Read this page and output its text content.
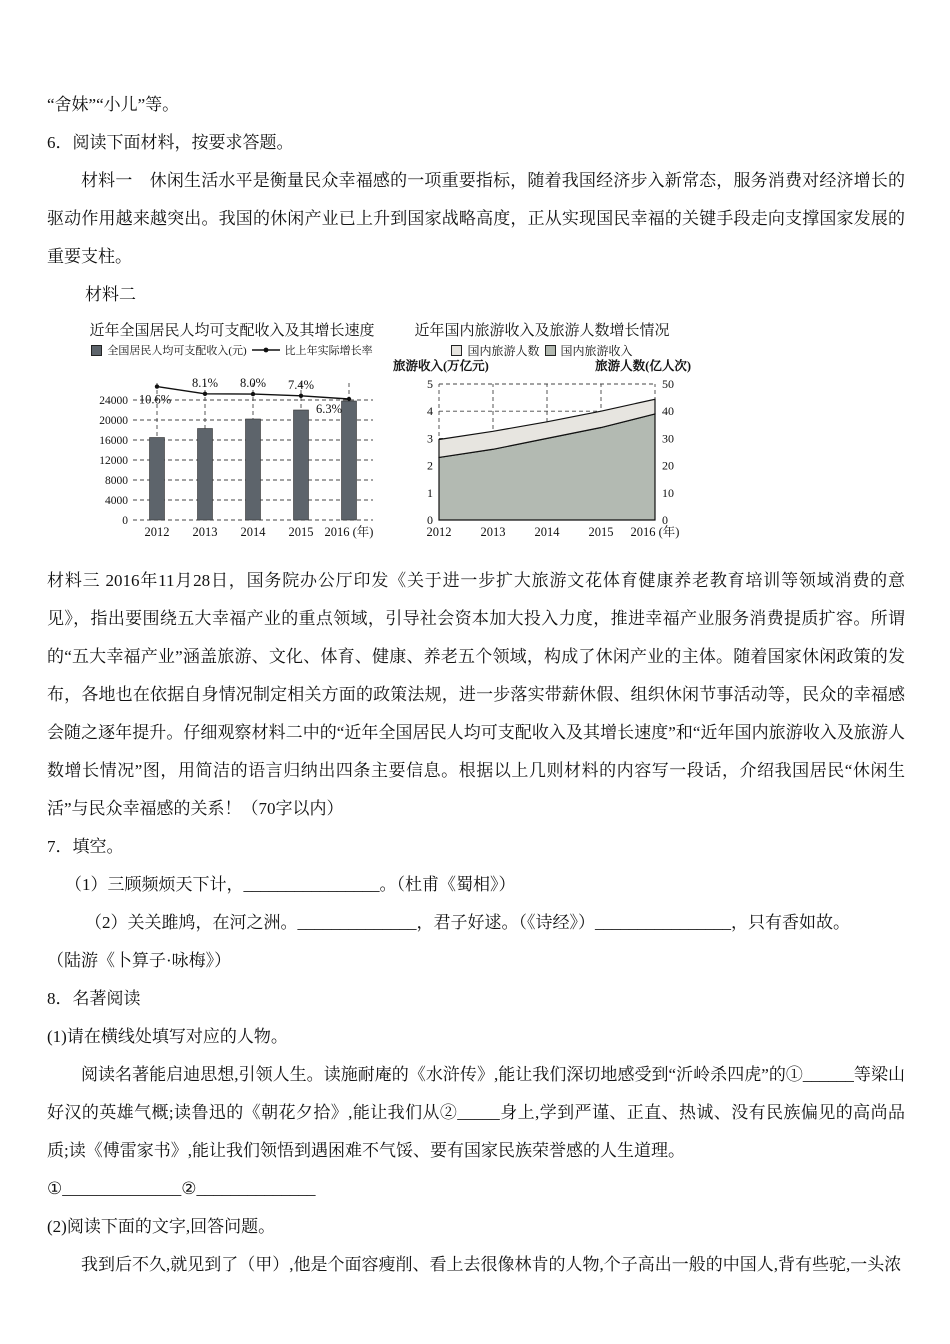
“舍妹”“小儿”等。

6．阅读下面材料，按要求答题。

材料一　休闲生活水平是衡量民众幸福感的一项重要指标，随着我国经济步入新常态，服务消费对经济增长的驱动作用越来越突出。我国的休闲产业已上升到国家战略高度，正从实现国民幸福的关键手段走向支撑国家发展的重要支柱。

材料二

近年全国居民人均可支配收入及其增长速度
全国居民人均可支配收入(元)	比上年实际增长率
0
4000
8000
12000
16000
20000
24000
2012 2013 2014 2015 2016 (年)
10.6%
8.1% 8.0% 7.4%
6.3%
近年国内旅游收入及旅游人数增长情况
国内旅游人数 国内旅游收入
旅游收入(万亿元)	旅游人数(亿人次)
0	0
1	10
2	20
3	30
4	40
5	50
2012 2013 2014 2015 2016 (年)

材料三 2016年11月28日，国务院办公厅印发《关于进一步扩大旅游文花体育健康养老教育培训等领域消费的意见》，指出要围绕五大幸福产业的重点领域，引导社会资本加大投入力度，推进幸福产业服务消费提质扩容。所谓的“五大幸福产业”涵盖旅游、文化、体育、健康、养老五个领域，构成了休闲产业的主体。随着国家休闲政策的发布，各地也在依据自身情况制定相关方面的政策法规，进一步落实带薪休假、组织休闲节事活动等，民众的幸福感会随之逐年提升。仔细观察材料二中的“近年全国居民人均可支配收入及其增长速度”和“近年国内旅游收入及旅游人数增长情况”图，用简洁的语言归纳出四条主要信息。根据以上几则材料的内容写一段话，介绍我国居民“休闲生活”与民众幸福感的关系！（70字以内）

7．填空。

（1）三顾频烦天下计，________________。（杜甫《蜀相》）

（2）关关雎鸠，在河之洲。______________，君子好逑。（《诗经》）________________，只有香如故。

（陆游《卜算子·咏梅》）

8．名著阅读

(1)请在横线处填写对应的人物。

阅读名著能启迪思想,引领人生。读施耐庵的《水浒传》,能让我们深切地感受到“沂岭杀四虎”的①______等梁山好汉的英雄气概;读鲁迅的《朝花夕拾》,能让我们从②_____身上,学到严谨、正直、热诚、没有民族偏见的高尚品质;读《傅雷家书》,能让我们领悟到遇困难不气馁、要有国家民族荣誉感的人生道理。

①______________②______________

(2)阅读下面的文字,回答问题。

我到后不久,就见到了（甲）,他是个面容瘦削、看上去很像林肯的人物,个子高出一般的中国人,背有些驼,一头浓
